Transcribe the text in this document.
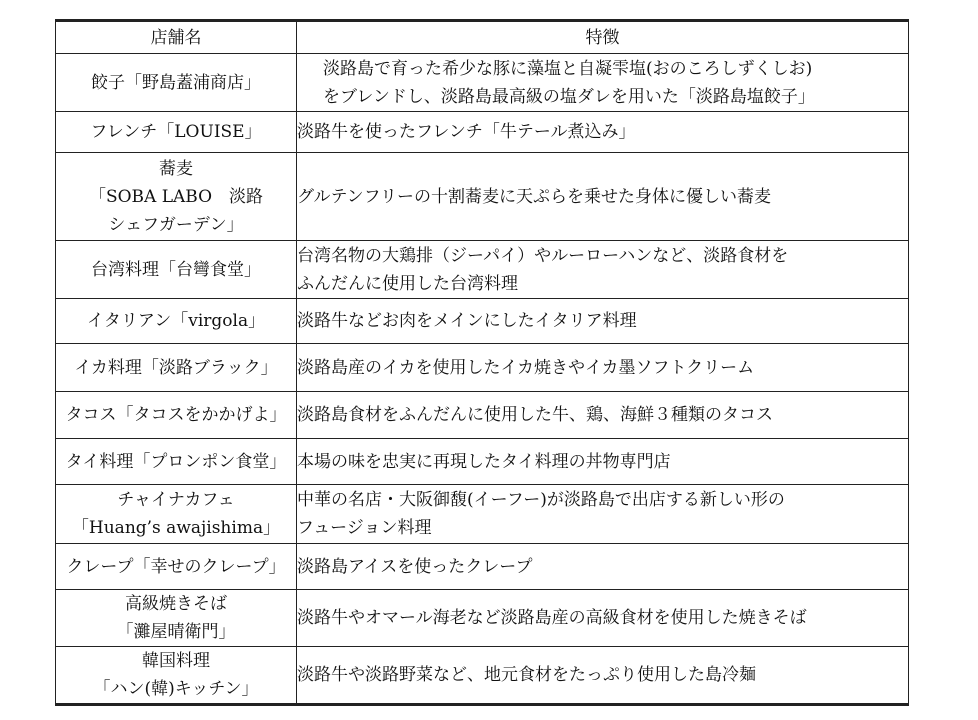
店舗名	特徴

餃子「野島蓋浦商店」	淡路島で育った希少な豚に藻塩と自凝雫塩(おのころしずくしお)
をブレンドし、淡路島最高級の塩ダレを用いた「淡路島塩餃子」

フレンチ「LOUISE」	淡路牛を使ったフレンチ「牛テール煮込み」

蕎麦
「SOBA LABO　淡路
シェフガーデン」	グルテンフリーの十割蕎麦に天ぷらを乗せた身体に優しい蕎麦

台湾料理「台彎食堂」	台湾名物の大鶏排（ジーパイ）やルーローハンなど、淡路食材を
ふんだんに使用した台湾料理

イタリアン「virgola」	淡路牛などお肉をメインにしたイタリア料理

イカ料理「淡路ブラック」	淡路島産のイカを使用したイカ焼きやイカ墨ソフトクリーム

タコス「タコスをかかげよ」	淡路島食材をふんだんに使用した牛、鶏、海鮮３種類のタコス

タイ料理「プロンポン食堂」	本場の味を忠実に再現したタイ料理の丼物専門店

チャイナカフェ
「Huang’s awajishima」	中華の名店・大阪御馥(イーフー)が淡路島で出店する新しい形の
フュージョン料理

クレープ「幸せのクレープ」	淡路島アイスを使ったクレープ

高級焼きそば
「灘屋晴衛門」	淡路牛やオマール海老など淡路島産の高級食材を使用した焼きそば

韓国料理
「ハン(韓)キッチン」	淡路牛や淡路野菜など、地元食材をたっぷり使用した島冷麺
